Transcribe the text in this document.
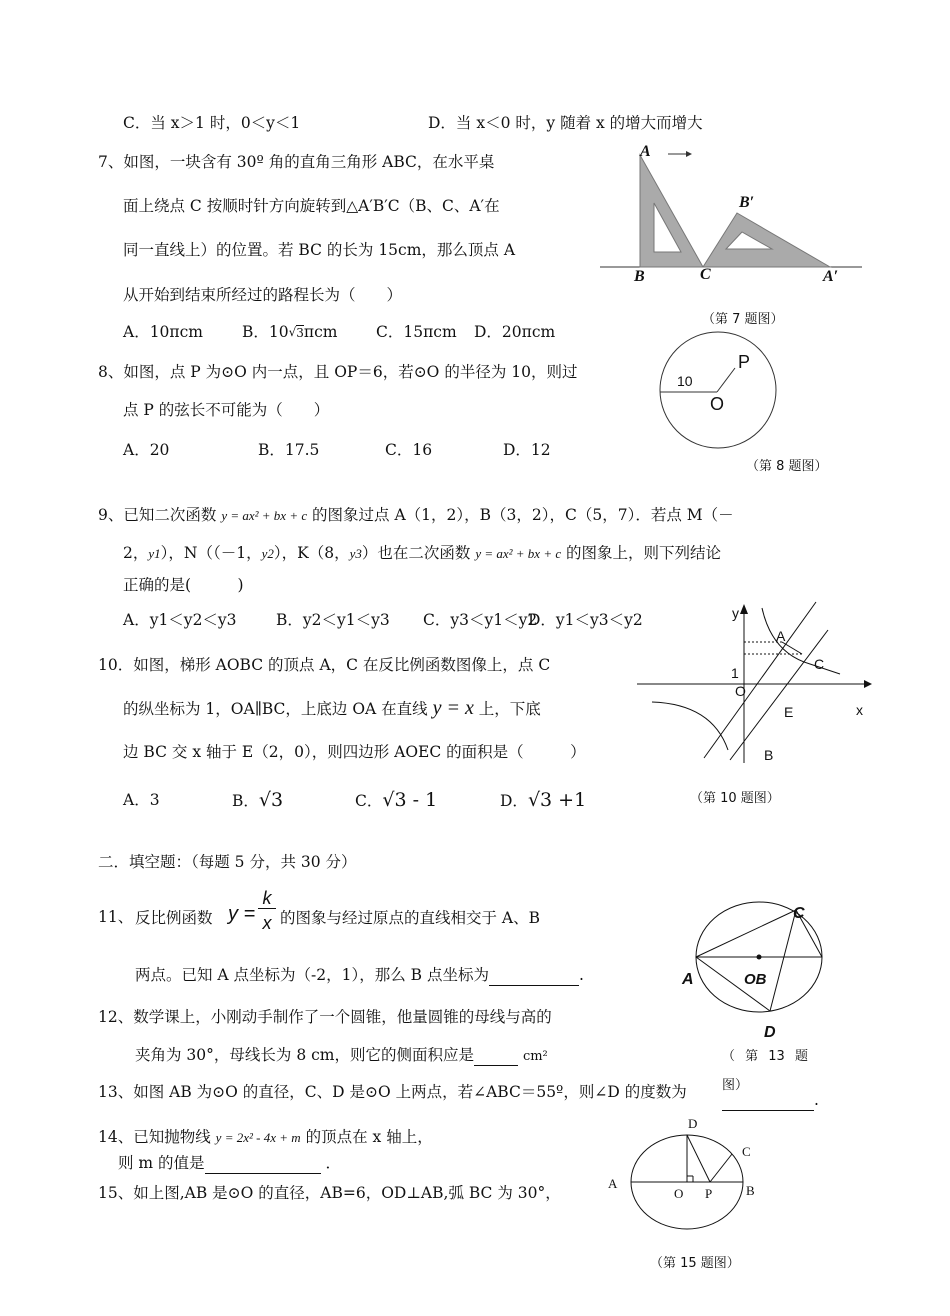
C．当 x＞1 时，0＜y＜1	D．当 x＜0 时，y 随着 x 的增大而增大
7、如图，一块含有 30º 角的直角三角形 ABC，在水平桌
面上绕点 C 按顺时针方向旋转到△A′B′C（B、C、A′在
同一直线上）的位置。若 BC 的长为 15cm，那么顶点 A
从开始到结束所经过的路程长为（　　）
A．10πcm	B．10√3πcm C．15πcm D．20πcm
A
B	C
B′
A′
（第 7 题图）
8、如图，点 P 为⊙O 内一点，且 OP＝6，若⊙O 的半径为 10，则过
点 P 的弦长不可能为（　　）
A．20	B．17.5	C．16	D．12
10
P
O
（第 8 题图）
9、已知二次函数 y = ax² + bx + c 的图象过点 A（1，2），B（3，2），C（5，7）．若点 M（－
2，y1），N（（－1，y2），K（8，y3）也在二次函数 y = ax² + bx + c 的图象上，则下列结论
正确的是(　　　)
A．y1＜y2＜y3	B．y2＜y1＜y3 C．y3＜y1＜y2
D．y1＜y3＜y2
10．如图，梯形 AOBC 的顶点 A，C 在反比例函数图像上，点 C
的纵坐标为 1，OA∥BC，上底边 OA 在直线 y = x 上，下底
边 BC 交 x 轴于 E（2，0），则四边形 AOEC 的面积是（　　　）
A．3	B．√3	C．√3 - 1	D．√3 +1
y
x
A
C
1
O
E
B
（第 10 题图）
二．填空题：（每题 5 分，共 30 分）
11、 反比例函数 y =
k
x 的图象与经过原点的直线相交于 A、B
两点。已知 A 点坐标为（-2，1），那么 B 点坐标为	.
C
A	OB
D
（ 第 13 题
图）
12、数学课上，小刚动手制作了一个圆锥，他量圆锥的母线与高的
夹角为 30°，母线长为 8 cm，则它的侧面积应是	cm²
13、如图 AB 为⊙O 的直径，C、D 是⊙O 上两点，若∠ABC＝55º，则∠D 的度数为	.
14、已知抛物线 y = 2x² - 4x + m 的顶点在 x 轴上，
则 m 的值是	．
15、如上图,AB 是⊙O 的直径，AB=6，OD⊥AB,弧 BC 为 30°，
A	B
C
D
O P
（第 15 题图）
